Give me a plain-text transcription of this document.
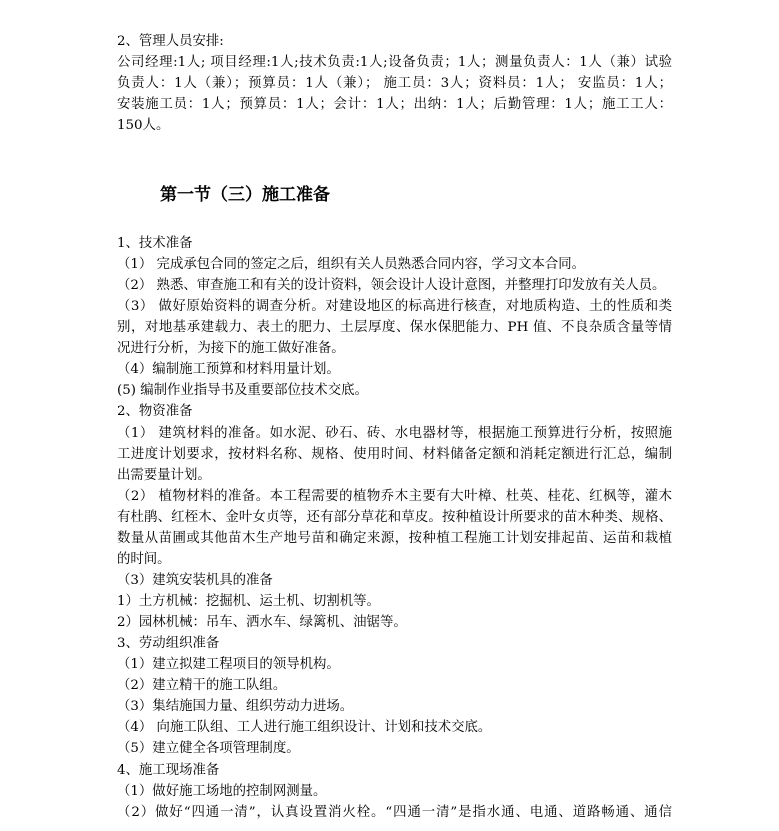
2、管理人员安排:
公司经理:1人; 项目经理:1人;技术负责:1人;设备负责；1人；测量负责人：1人（兼）试验
负责人：1人（兼）；预算员：1人（兼）； 施工员：3人；资料员：1人； 安监员：1人；
安装施工员：1人；预算员：1人；会计：1人；出纳：1人；后勤管理：1人；施工工人：
150人。
第一节（三）施工准备
1、技术准备
（1） 完成承包合同的签定之后，组织有关人员熟悉合同内容，学习文本合同。
（2） 熟悉、审查施工和有关的设计资料，领会设计人设计意图，并整理打印发放有关人员。
（3） 做好原始资料的调查分析。对建设地区的标高进行核查，对地质构造、土的性质和类
别，对地基承建载力、表土的肥力、土层厚度、保水保肥能力、PH 值、不良杂质含量等情
况进行分析，为接下的施工做好准备。
（4）编制施工预算和材料用量计划。
(5) 编制作业指导书及重要部位技术交底。
2、物资准备
（1） 建筑材料的准备。如水泥、砂石、砖、水电器材等，根据施工预算进行分析，按照施
工进度计划要求，按材料名称、规格、使用时间、材料储备定额和消耗定额进行汇总，编制
出需要量计划。
（2） 植物材料的准备。本工程需要的植物乔木主要有大叶樟、杜英、桂花、红枫等，灌木
有杜鹃、红桎木、金叶女贞等，还有部分草花和草皮。按种植设计所要求的苗木种类、规格、
数量从苗圃或其他苗木生产地号苗和确定来源，按种植工程施工计划安排起苗、运苗和栽植
的时间。
（3）建筑安装机具的准备
1）土方机械：挖掘机、运土机、切割机等。
2）园林机械：吊车、洒水车、绿篱机、油锯等。
3、劳动组织准备
（1）建立拟建工程项目的领导机构。
（2）建立精干的施工队组。
（3）集结施国力量、组织劳动力进场。
（4） 向施工队组、工人进行施工组织设计、计划和技术交底。
（5）建立健全各项管理制度。
4、施工现场准备
（1）做好施工场地的控制网测量。
（2）做好“四通一清”，认真设置消火栓。“四通一清”是指水通、电通、道路畅通、通信
